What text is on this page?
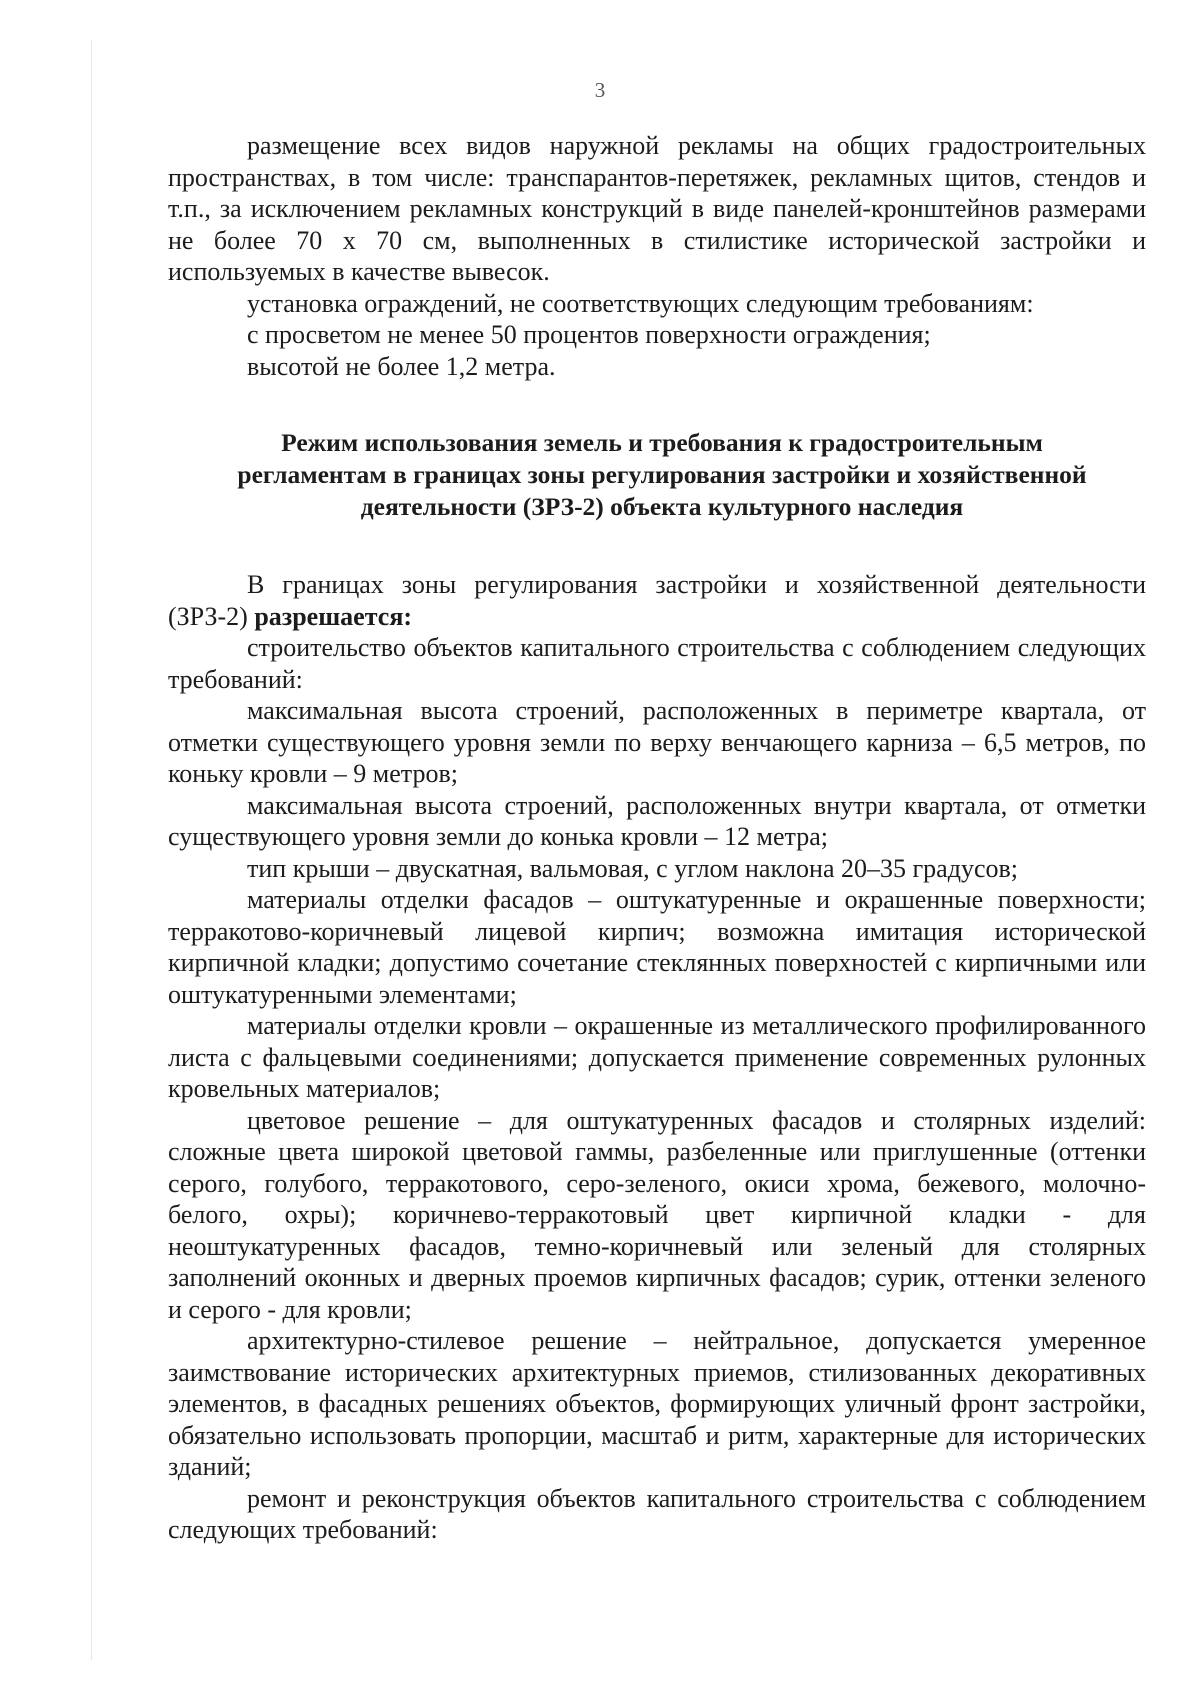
3

размещение всех видов наружной рекламы на общих градостроительных пространствах, в том числе: транспарантов-перетяжек, рекламных щитов, стендов и т.п., за исключением рекламных конструкций в виде панелей-кронштейнов размерами не более 70 х 70 см, выполненных в стилистике исторической застройки и используемых в качестве вывесок.

установка ограждений, не соответствующих следующим требованиям:

с просветом не менее 50 процентов поверхности ограждения;

высотой не более 1,2 метра.

Режим использования земель и требования к градостроительным
регламентам в границах зоны регулирования застройки и хозяйственной
деятельности (ЗРЗ-2) объекта культурного наследия

В границах зоны регулирования застройки и хозяйственной деятельности (ЗРЗ-2) разрешается:

строительство объектов капитального строительства с соблюдением следующих требований:

максимальная высота строений, расположенных в периметре квартала, от отметки существующего уровня земли по верху венчающего карниза – 6,5 метров, по коньку кровли – 9 метров;

максимальная высота строений, расположенных внутри квартала, от отметки существующего уровня земли до конька кровли – 12 метра;

тип крыши – двускатная, вальмовая, с углом наклона 20–35 градусов;

материалы отделки фасадов – оштукатуренные и окрашенные поверхности; терракотово-коричневый лицевой кирпич; возможна имитация исторической кирпичной кладки; допустимо сочетание стеклянных поверхностей с кирпичными или оштукатуренными элементами;

материалы отделки кровли – окрашенные из металлического профилированного листа с фальцевыми соединениями; допускается применение современных рулонных кровельных материалов;

цветовое решение – для оштукатуренных фасадов и столярных изделий: сложные цвета широкой цветовой гаммы, разбеленные или приглушенные (оттенки серого, голубого, терракотового, серо-зеленого, окиси хрома, бежевого, молочно-белого, охры); коричнево-терракотовый цвет кирпичной кладки - для неоштукатуренных фасадов, темно-коричневый или зеленый для столярных заполнений оконных и дверных проемов кирпичных фасадов; сурик, оттенки зеленого и серого - для кровли;

архитектурно-стилевое решение – нейтральное, допускается умеренное заимствование исторических архитектурных приемов, стилизованных декоративных элементов, в фасадных решениях объектов, формирующих уличный фронт застройки, обязательно использовать пропорции, масштаб и ритм, характерные для исторических зданий;

ремонт и реконструкция объектов капитального строительства с соблюдением следующих требований:
